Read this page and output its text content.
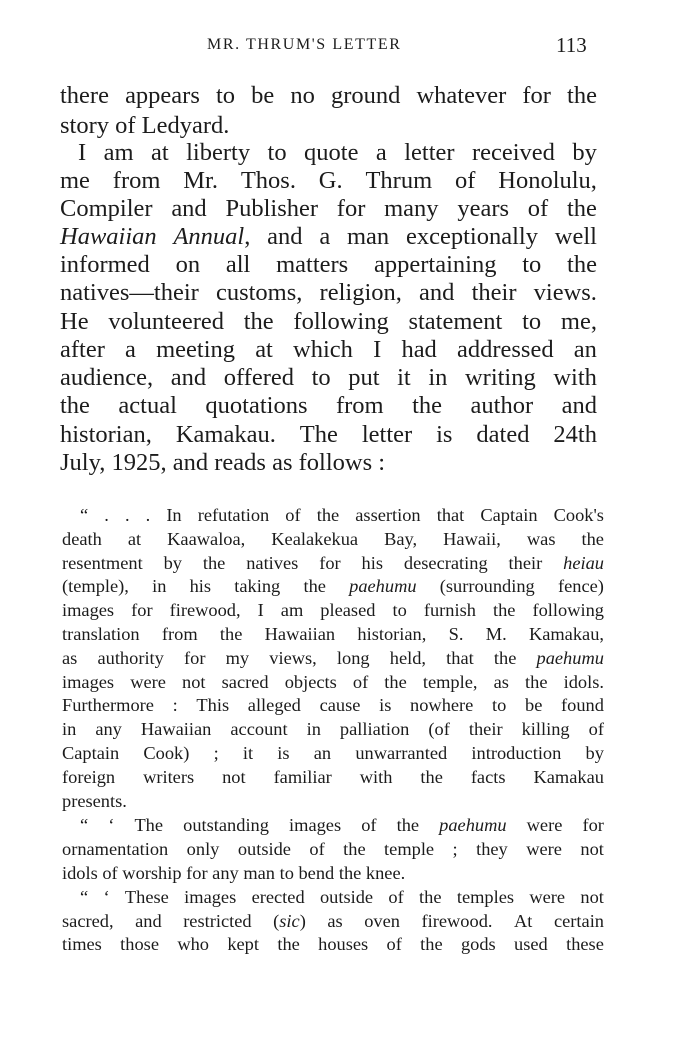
MR. THRUM'S LETTER	113
there appears to be no ground whatever for the
story of Ledyard.
I am at liberty to quote a letter received by
me from Mr. Thos. G. Thrum of Honolulu,
Compiler and Publisher for many years of the
Hawaiian Annual, and a man exceptionally well
informed on all matters appertaining to the
natives—their customs, religion, and their views.
He volunteered the following statement to me,
after a meeting at which I had addressed an
audience, and offered to put it in writing with
the actual quotations from the author and
historian, Kamakau. The letter is dated 24th
July, 1925, and reads as follows :
“ . . . In refutation of the assertion that Captain Cook's
death at Kaawaloa, Kealakekua Bay, Hawaii, was the
resentment by the natives for his desecrating their heiau
(temple), in his taking the paehumu (surrounding fence)
images for firewood, I am pleased to furnish the following
translation from the Hawaiian historian, S. M. Kamakau,
as authority for my views, long held, that the paehumu
images were not sacred objects of the temple, as the idols.
Furthermore : This alleged cause is nowhere to be found
in any Hawaiian account in palliation (of their killing of
Captain Cook) ; it is an unwarranted introduction by
foreign writers not familiar with the facts Kamakau
presents.
“ ‘ The outstanding images of the paehumu were for
ornamentation only outside of the temple ; they were not
idols of worship for any man to bend the knee.
“ ‘ These images erected outside of the temples were not
sacred, and restricted (sic) as oven firewood. At certain
times those who kept the houses of the gods used these
